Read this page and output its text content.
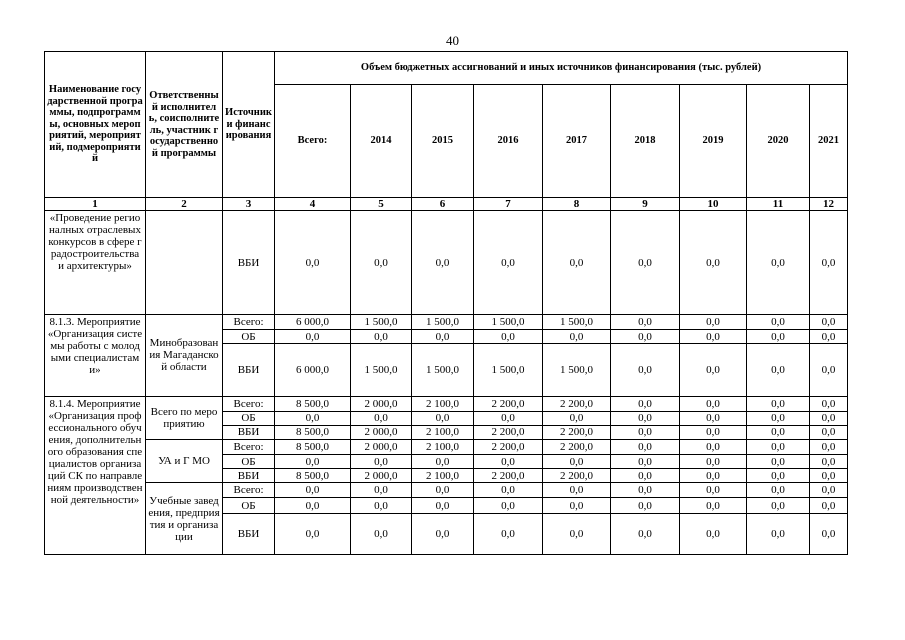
40
Наименование государственной программы, подпрограммы, основных мероприятий, мероприятий, подмероприятий	Ответственный исполнитель, соисполнитель, участник государственной программы	Источники финансирования	Объем бюджетных ассигнований и иных источников финансирования (тыс. рублей)								
			Всего:	2014	2015	2016	2017	2018	2019	2020	2021
1	2	3	4	5	6	7	8	9	10	11	12
«Проведение регионалных отраслевых конкурсов в сфере градостроительства и архитектуры»		ВБИ	0,0	0,0	0,0	0,0	0,0	0,0	0,0	0,0	0,0
8.1.3. Мероприятие «Организация системы работы с молодыми специалистами»	Минобразования Магаданской области	Всего:	6 000,0	1 500,0	1 500,0	1 500,0	1 500,0	0,0	0,0	0,0	0,0
		ОБ	0,0	0,0	0,0	0,0	0,0	0,0	0,0	0,0	0,0
		ВБИ	6 000,0	1 500,0	1 500,0	1 500,0	1 500,0	0,0	0,0	0,0	0,0
8.1.4. Мероприятие «Организация профессионального обучения, дополнительного образования специалистов организаций СК по направлениям производственной деятельности»	Всего по мероприятию	Всего:	8 500,0	2 000,0	2 100,0	2 200,0	2 200,0	0,0	0,0	0,0	0,0
		ОБ	0,0	0,0	0,0	0,0	0,0	0,0	0,0	0,0	0,0
		ВБИ	8 500,0	2 000,0	2 100,0	2 200,0	2 200,0	0,0	0,0	0,0	0,0
	УА и Г МО	Всего:	8 500,0	2 000,0	2 100,0	2 200,0	2 200,0	0,0	0,0	0,0	0,0
		ОБ	0,0	0,0	0,0	0,0	0,0	0,0	0,0	0,0	0,0
		ВБИ	8 500,0	2 000,0	2 100,0	2 200,0	2 200,0	0,0	0,0	0,0	0,0
	Учебные заведения, предприятия и организации	Всего:	0,0	0,0	0,0	0,0	0,0	0,0	0,0	0,0	0,0
		ОБ	0,0	0,0	0,0	0,0	0,0	0,0	0,0	0,0	0,0
		ВБИ	0,0	0,0	0,0	0,0	0,0	0,0	0,0	0,0	0,0
